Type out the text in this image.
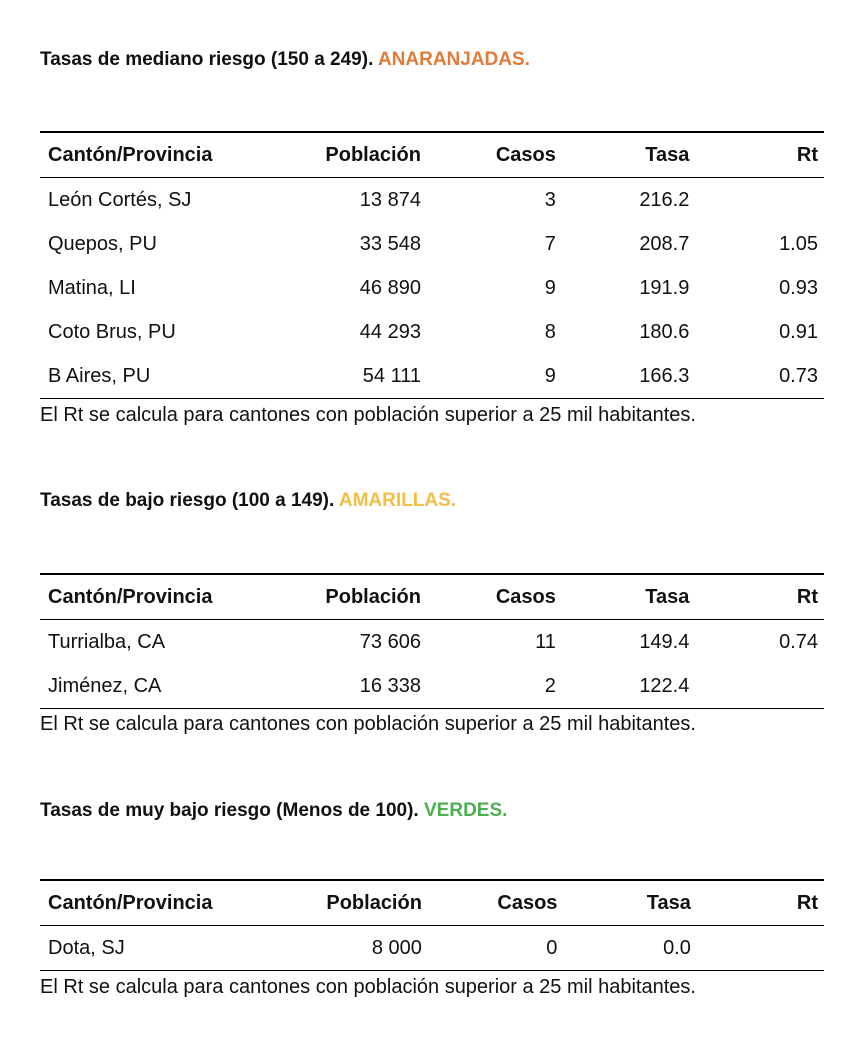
Tasas de mediano riesgo (150 a 249). ANARANJADAS.
Cantón/Provincia	Población	Casos	Tasa	Rt
León Cortés, SJ	13 874	3	216.2	
Quepos, PU	33 548	7	208.7	1.05
Matina, LI	46 890	9	191.9	0.93
Coto Brus, PU	44 293	8	180.6	0.91
B Aires, PU	54 111	9	166.3	0.73
El Rt se calcula para cantones con población superior a 25 mil habitantes.
Tasas de bajo riesgo (100 a 149). AMARILLAS.
Cantón/Provincia	Población	Casos	Tasa	Rt
Turrialba, CA	73 606	11	149.4	0.74
Jiménez, CA	16 338	2	122.4	
El Rt se calcula para cantones con población superior a 25 mil habitantes.
Tasas de muy bajo riesgo (Menos de 100). VERDES.
Cantón/Provincia	Población	Casos	Tasa	Rt
Dota, SJ	8 000	0	0.0	
El Rt se calcula para cantones con población superior a 25 mil habitantes.
